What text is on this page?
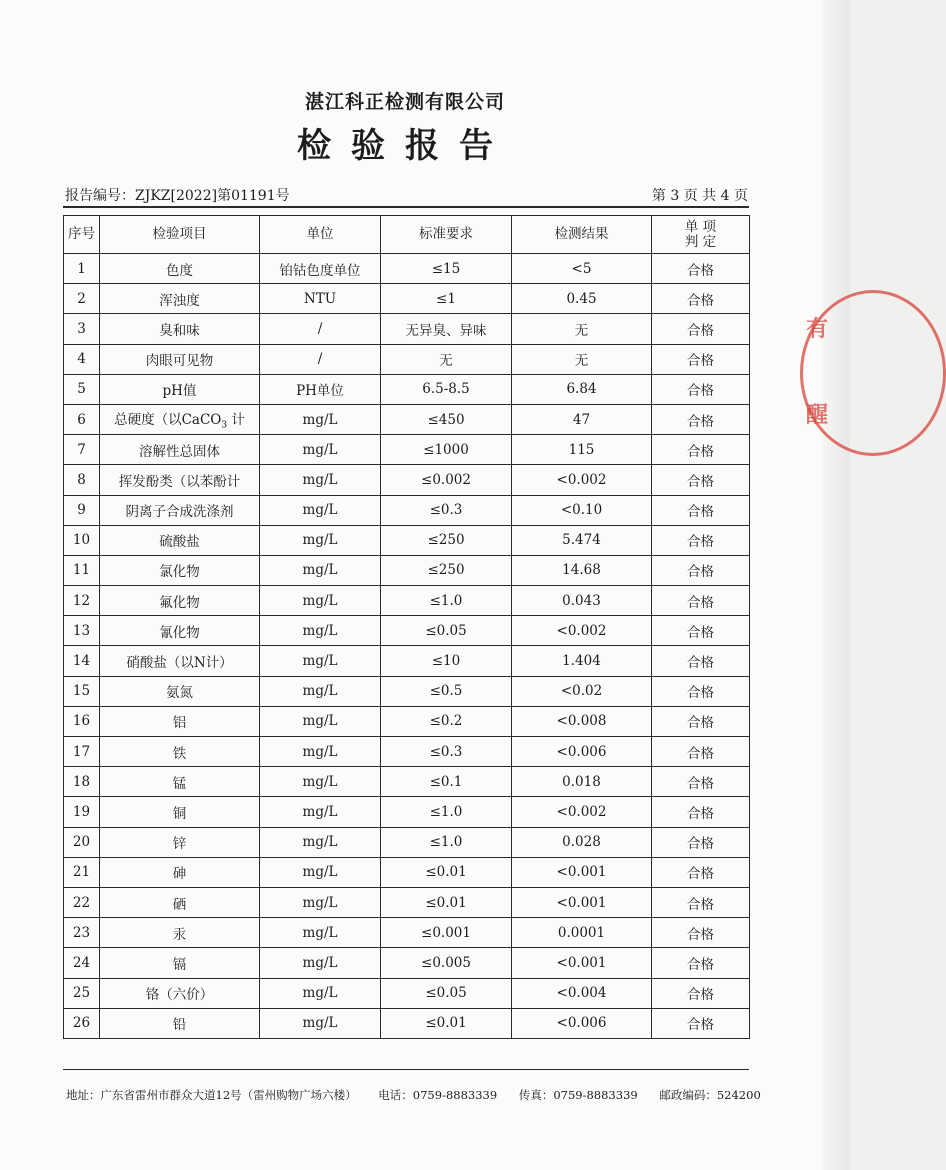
湛江科正检测有限公司
检验报告
报告编号：ZJKZ[2022]第01191号	第 3 页 共 4 页
序号	检验项目	单位	标准要求	检测结果	单 项
判 定

1	色度	铂钴色度单位	≤15	<5	合格
2	浑浊度	NTU	≤1	0.45	合格
3	臭和味	/	无异臭、异味	无	合格
4	肉眼可见物	/	无	无	合格
5	pH值	PH单位	6.5-8.5	6.84	合格
6	总硬度（以CaCO$_3$ 计	mg/L	≤450	47	合格
7	溶解性总固体	mg/L	≤1000	115	合格
8	挥发酚类（以苯酚计	mg/L	≤0.002	<0.002	合格
9	阴离子合成洗涤剂	mg/L	≤0.3	<0.10	合格
10	硫酸盐	mg/L	≤250	5.474	合格
11	氯化物	mg/L	≤250	14.68	合格
12	氟化物	mg/L	≤1.0	0.043	合格
13	氰化物	mg/L	≤0.05	<0.002	合格
14	硝酸盐（以N计）	mg/L	≤10	1.404	合格
15	氨氮	mg/L	≤0.5	<0.02	合格
16	铝	mg/L	≤0.2	<0.008	合格
17	铁	mg/L	≤0.3	<0.006	合格
18	锰	mg/L	≤0.1	0.018	合格
19	铜	mg/L	≤1.0	<0.002	合格
20	锌	mg/L	≤1.0	0.028	合格
21	砷	mg/L	≤0.01	<0.001	合格
22	硒	mg/L	≤0.01	<0.001	合格
23	汞	mg/L	≤0.001	0.0001	合格
24	镉	mg/L	≤0.005	<0.001	合格
25	铬（六价）	mg/L	≤0.05	<0.004	合格
26	铅	mg/L	≤0.01	<0.006	合格
地址：广东省雷州市群众大道12号（雷州购物广场六楼） 电话：0759-8883339 传真：0759-8883339 邮政编码：524200
有
醒
